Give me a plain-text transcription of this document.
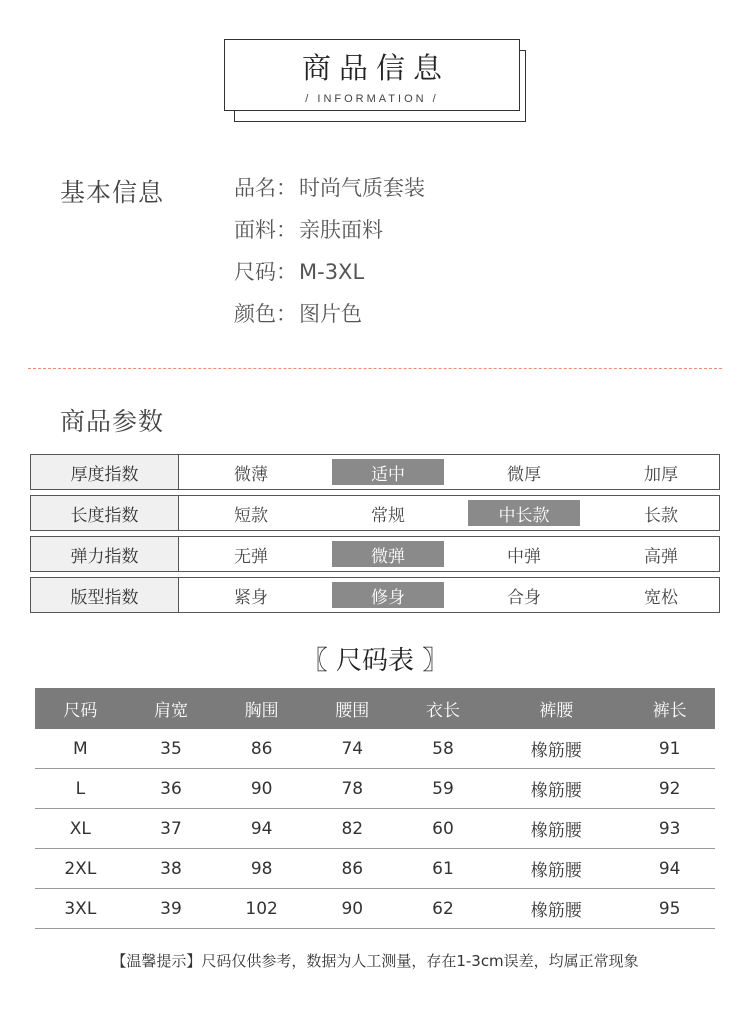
商品信息
/ INFORMATION /
基本信息	品名：时尚气质套装
面料：亲肤面料
尺码：M-3XL
颜色：图片色
商品参数
厚度指数	微薄	适中	微厚	加厚
长度指数	短款	常规	中长款	长款
弹力指数	无弹	微弹	中弹	高弹
版型指数	紧身	修身	合身	宽松
〖 尺码表 〗
尺码	肩宽	胸围	腰围	衣长	裤腰	裤长
M	35	86	74	58	橡筋腰	91
L	36	90	78	59	橡筋腰	92
XL	37	94	82	60	橡筋腰	93
2XL	38	98	86	61	橡筋腰	94
3XL	39	102	90	62	橡筋腰	95
【温馨提示】尺码仅供参考，数据为人工测量，存在1-3cm误差，均属正常现象
